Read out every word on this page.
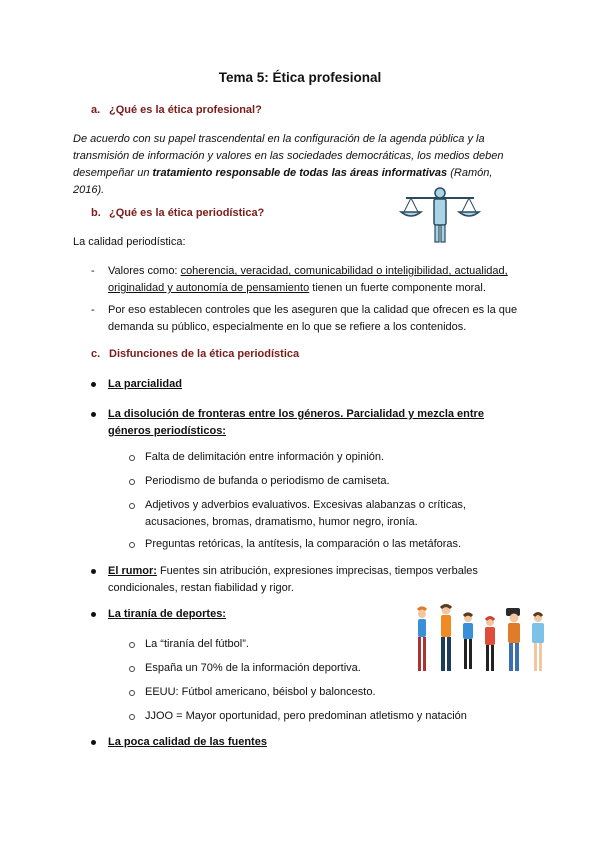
Tema 5: Ética profesional
a. ¿Qué es la ética profesional?
De acuerdo con su papel trascendental en la configuración de la agenda pública y la
transmisión de información y valores en las sociedades democráticas, los medios deben
desempeñar un tratamiento responsable de todas las áreas informativas (Ramón,
2016).
b. ¿Qué es la ética periodística?
La calidad periodística:
- Valores como: coherencia, veracidad, comunicabilidad o inteligibilidad, actualidad,
originalidad y autonomía de pensamiento tienen un fuerte componente moral.
- Por eso establecen controles que les aseguren que la calidad que ofrecen es la que
demanda su público, especialmente en lo que se refiere a los contenidos.
c. Disfunciones de la ética periodística
La parcialidad
La disolución de fronteras entre los géneros. Parcialidad y mezcla entre
géneros periodísticos:
Falta de delimitación entre información y opinión.
Periodismo de bufanda o periodismo de camiseta.
Adjetivos y adverbios evaluativos. Excesivas alabanzas o críticas,
acusaciones, bromas, dramatismo, humor negro, ironía.
Preguntas retóricas, la antítesis, la comparación o las metáforas.
El rumor: Fuentes sin atribución, expresiones imprecisas, tiempos verbales
condicionales, restan fiabilidad y rigor.
La tiranía de deportes:
La “tiranía del fútbol”.
España un 70% de la información deportiva.
EEUU: Fútbol americano, béisbol y baloncesto.
JJOO = Mayor oportunidad, pero predominan atletismo y natación
La poca calidad de las fuentes
